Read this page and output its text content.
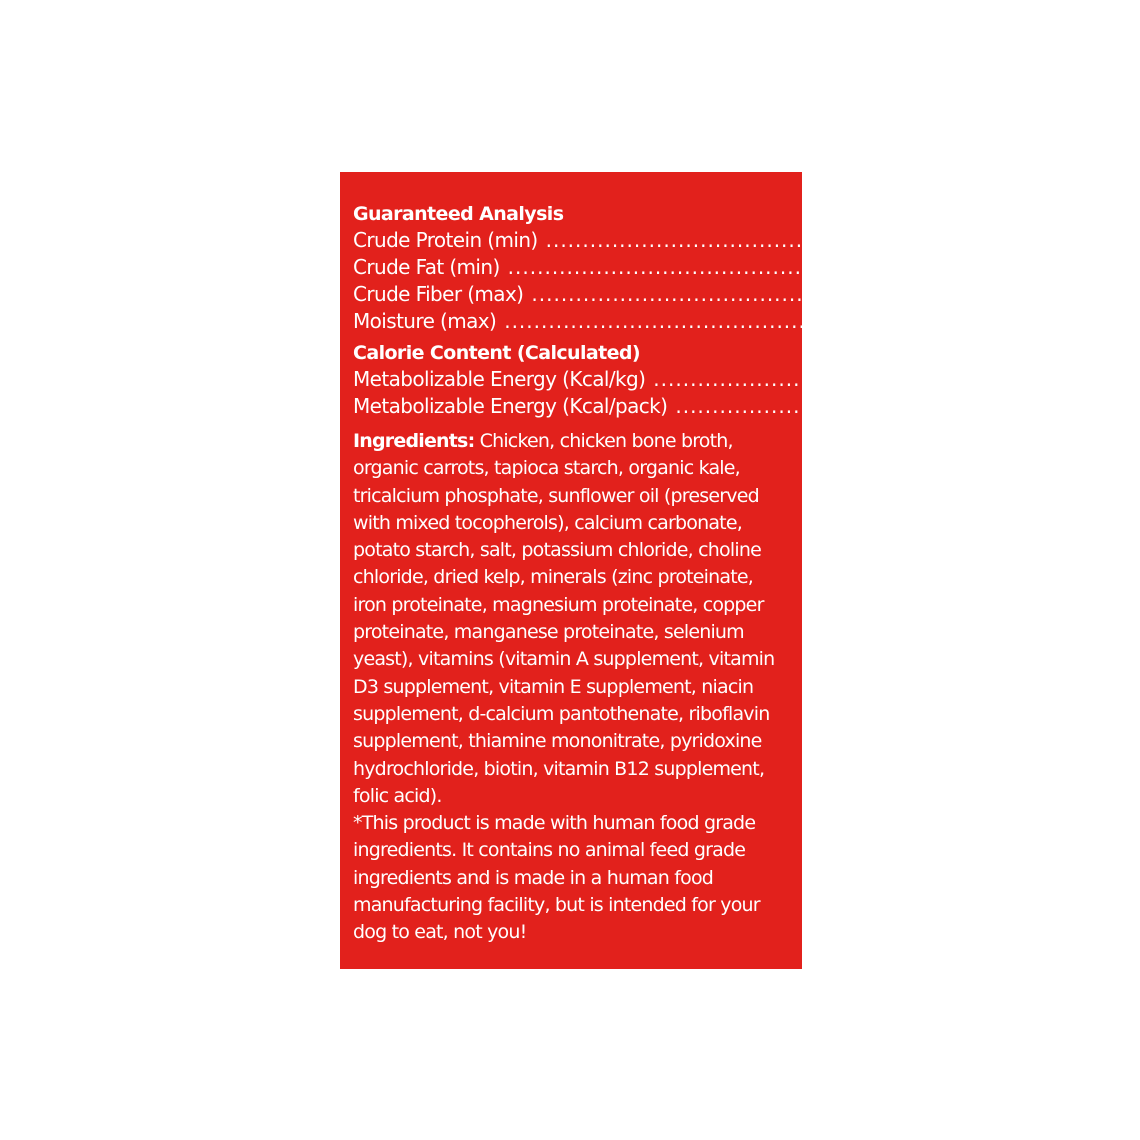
Guaranteed Analysis
Crude Protein (min) .................................................. 9.00%
Crude Fat (min) .................................................. 2.00%
Crude Fiber (max) .................................................. 1.50%
Moisture (max) .................................................. 82.0%
Calorie Content (Calculated)
Metabolizable Energy (Kcal/kg) .................................................. 783
Metabolizable Energy (Kcal/pack) .................................................. 243

Ingredients: Chicken, chicken bone broth, organic carrots, tapioca starch, organic kale, tricalcium phosphate, sunflower oil (preserved with mixed tocopherols), calcium carbonate, potato starch, salt, potassium chloride, choline chloride, dried kelp, minerals (zinc proteinate, iron proteinate, magnesium proteinate, copper proteinate, manganese proteinate, selenium yeast), vitamins (vitamin A supplement, vitamin D3 supplement, vitamin E supplement, niacin supplement, d-calcium pantothenate, riboflavin supplement, thiamine mononitrate, pyridoxine hydrochloride, biotin, vitamin B12 supplement, folic acid).

*This product is made with human food grade ingredients. It contains no animal feed grade ingredients and is made in a human food manufacturing facility, but is intended for your dog to eat, not you!
